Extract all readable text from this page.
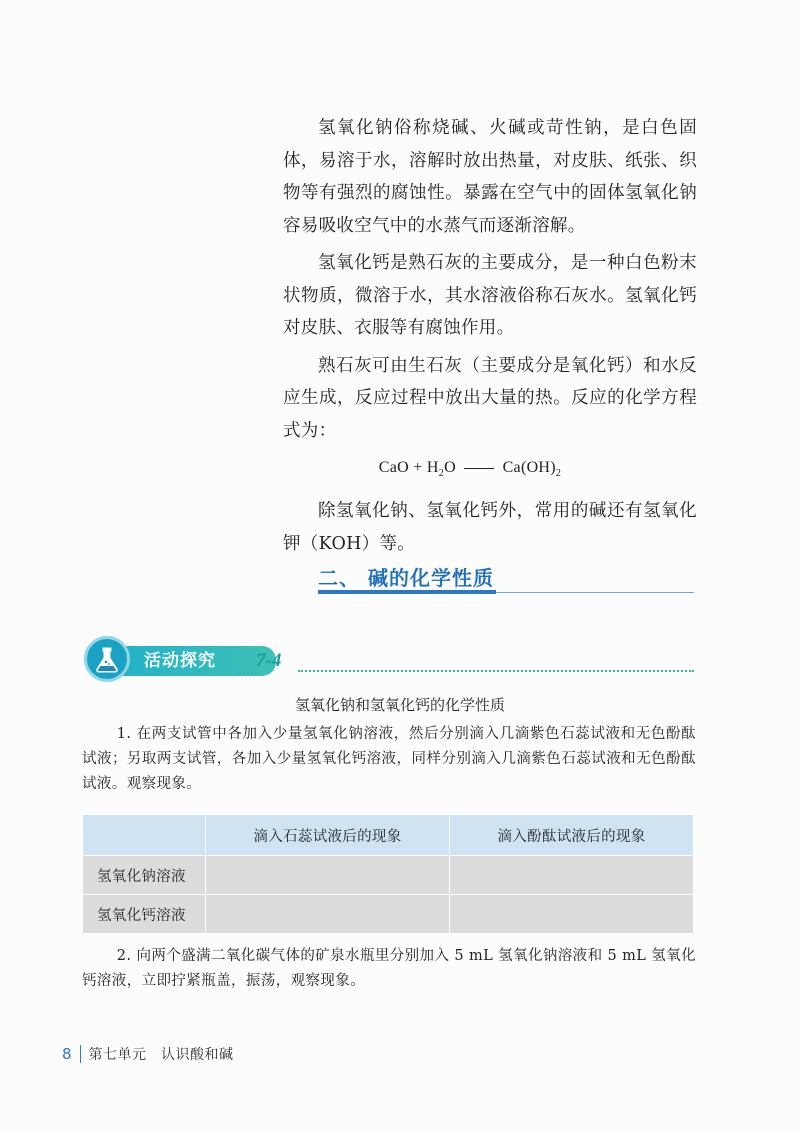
氢氧化钠俗称烧碱、火碱或苛性钠，是白色固体，易溶于水，溶解时放出热量，对皮肤、纸张、织物等有强烈的腐蚀性。暴露在空气中的固体氢氧化钠容易吸收空气中的水蒸气而逐渐溶解。

氢氧化钙是熟石灰的主要成分，是一种白色粉末状物质，微溶于水，其水溶液俗称石灰水。氢氧化钙对皮肤、衣服等有腐蚀作用。

熟石灰可由生石灰（主要成分是氧化钙）和水反应生成，反应过程中放出大量的热。反应的化学方程式为：

CaO + $H_2O$	$Ca(OH)_2$

除氢氧化钠、氢氧化钙外，常用的碱还有氢氧化钾（KOH）等。

二、 碱的化学性质
活动探究	7-4
氢氧化钠和氢氧化钙的化学性质
1. 在两支试管中各加入少量氢氧化钠溶液，然后分别滴入几滴紫色石蕊试液和无色酚酞试液；另取两支试管，各加入少量氢氧化钙溶液，同样分别滴入几滴紫色石蕊试液和无色酚酞试液。观察现象。
	滴入石蕊试液后的现象	滴入酚酞试液后的现象
氢氧化钠溶液		
氢氧化钙溶液		
2. 向两个盛满二氧化碳气体的矿泉水瓶里分别加入 5 mL 氢氧化钠溶液和 5 mL 氢氧化钙溶液，立即拧紧瓶盖，振荡，观察现象。
8 第七单元　认识酸和碱
